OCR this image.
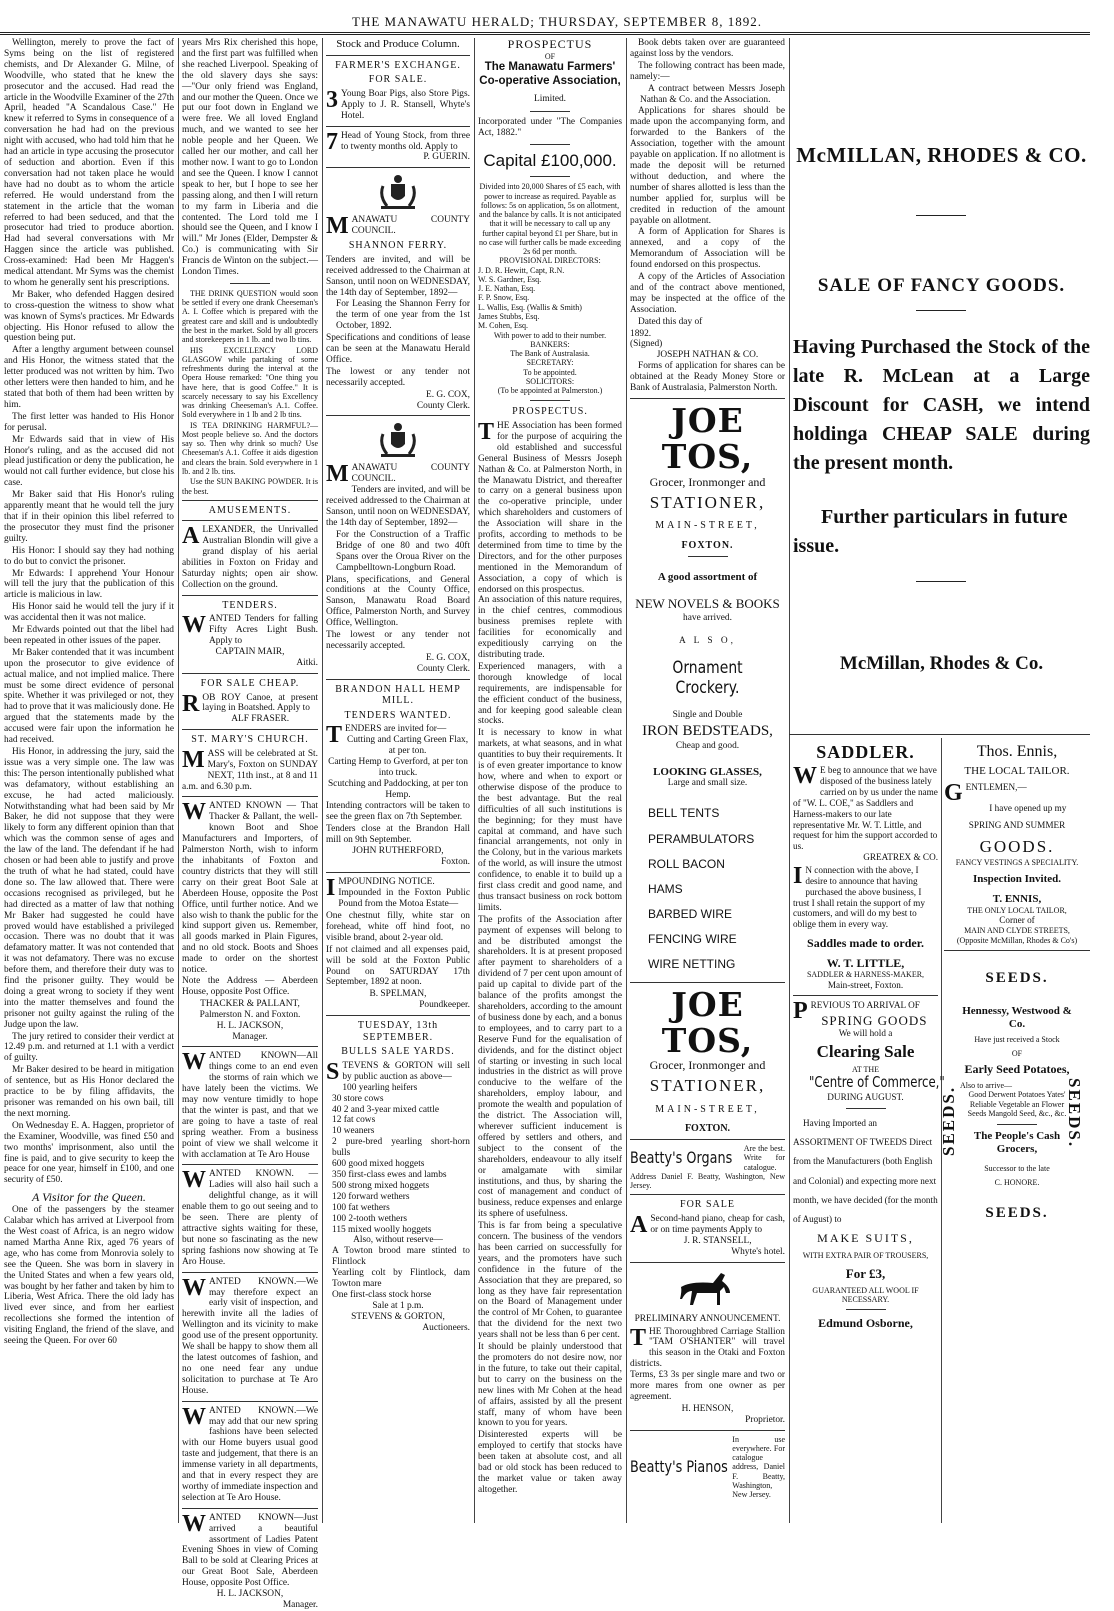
THE MANAWATU HERALD; THURSDAY, SEPTEMBER 8, 1892.

Wellington, merely to prove the fact of Syms being on the list of registered chemists, and Dr Alexander G. Milne, of Woodville, who stated that he knew the prosecutor and the accused. Had read the article in the Woodville Examiner of the 27th April, headed "A Scandalous Case." He knew it referred to Syms in consequence of a conversation he had had on the previous night with accused, who had told him that he had an article in type accusing the prosecutor of seduction and abortion. Even if this conversation had not taken place he would have had no doubt as to whom the article referred. He would understand from the statement in the article that the woman referred to had been seduced, and that the prosecutor had tried to produce abortion. Had had several conversations with Mr Haggen since the article was published. Cross-examined: Had been Mr Haggen's medical attendant. Mr Syms was the chemist to whom he generally sent his prescriptions.

Mr Baker, who defended Haggen desired to cross-question the witness to show what was known of Syms's practices. Mr Edwards objecting. His Honor refused to allow the question being put.

After a lengthy argument between counsel and His Honor, the witness stated that the letter produced was not written by him. Two other letters were then handed to him, and he stated that both of them had been written by him.

The first letter was handed to His Honor for perusal.

Mr Edwards said that in view of His Honor's ruling, and as the accused did not plead justification or deny the publication, he would not call further evidence, but close his case.

Mr Baker said that His Honor's ruling apparently meant that he would tell the jury that if in their opinion this libel referred to the prosecutor they must find the prisoner guilty.

His Honor: I should say they had nothing to do but to convict the prisoner.

Mr Edwards: I apprehend Your Honour will tell the jury that the publication of this article is malicious in law.

His Honor said he would tell the jury if it was accidental then it was not malice.

Mr Edwards pointed out that the libel had been repeated in other issues of the paper.

Mr Baker contended that it was incumbent upon the prosecutor to give evidence of actual malice, and not implied malice. There must be some direct evidence of personal spite. Whether it was privileged or not, they had to prove that it was maliciously done. He argued that the statements made by the accused were fair upon the information he had received.

His Honor, in addressing the jury, said the issue was a very simple one. The law was this: The person intentionally published what was defamatory, without establishing an excuse, he had acted maliciously. Notwithstanding what had been said by Mr Baker, he did not suppose that they were likely to form any different opinion than that which was the common sense of ages and the law of the land. The defendant if he had chosen or had been able to justify and prove the truth of what he had stated, could have done so. The law allowed that. There were occasions recognised as privileged, but he had directed as a matter of law that nothing Mr Baker had suggested he could have proved would have established a privileged occasion. There was no doubt that it was defamatory matter. It was not contended that it was not defamatory. There was no excuse before them, and therefore their duty was to find the prisoner guilty. They would be doing a great wrong to society if they went into the matter themselves and found the prisoner not guilty against the ruling of the Judge upon the law.

The jury retired to consider their verdict at 12.49 p.m. and returned at 1.1 with a verdict of guilty.

Mr Baker desired to be heard in mitigation of sentence, but as His Honor declared the practice to be by filing affidavits, the prisoner was remanded on his own bail, till the next morning.

On Wednesday E. A. Haggen, proprietor of the Examiner, Woodville, was fined £50 and two months' imprisonment, also until the fine is paid, and to give security to keep the peace for one year, himself in £100, and one security of £50.

A Visitor for the Queen.

One of the passengers by the steamer Calabar which has arrived at Liverpool from the West coast of Africa, is an negro widow named Martha Anne Rix, aged 76 years of age, who has come from Monrovia solely to see the Queen. She was born in slavery in the United States and when a few years old, was bought by her father and taken by him to Liberia, West Africa. There the old lady has lived ever since, and from her earliest recollections she formed the intention of visiting England, the friend of the slave, and seeing the Queen. For over 60

years Mrs Rix cherished this hope, and the first part was fulfilled when she reached Liverpool. Speaking of the old slavery days she says:—"Our only friend was England, and our mother the Queen. Once we put our foot down in England we were free. We all loved England much, and we wanted to see her noble people and her Queen. We called her our mother, and call her mother now. I want to go to London and see the Queen. I know I cannot speak to her, but I hope to see her passing along, and then I will return to my farm in Liberia and die contented. The Lord told me I should see the Queen, and I know I will." Mr Jones (Elder, Dempster & Co.) is communicating with Sir Francis de Winton on the subject.—London Times.

THE DRINK QUESTION would soon be settled if every one drank Cheeseman's A. I. Coffee which is prepared with the greatest care and skill and is undoubtedly the best in the market. Sold by all grocers and storekeepers in 1 lb. and two lb tins.

HIS EXCELLENCY LORD GLASGOW while partaking of some refreshments during the interval at the Opera House remarked: "One thing you have here, that is good Coffee." It is scarcely necessary to say his Excellency was drinking Cheeseman's A.1. Coffee. Sold everywhere in 1 lb and 2 lb tins.

IS TEA DRINKING HARMFUL?—Most people believe so. And the doctors say so. Then why drink so much? Use Cheeseman's A.1. Coffee it aids digestion and clears the brain. Sold everywhere in 1 lb. and 2 lb. tins.

Use the SUN BAKING POWDER. It is the best.

AMUSEMENTS.
ALEXANDER, the Unrivalled Australian Blondin will give a grand display of his aerial abilities in Foxton on Friday and Saturday nights; open air show. Collection on the ground.
TENDERS.
WANTED Tenders for falling Fifty Acres Light Bush. Apply to
CAPTAIN MAIR,
Aitki.
FOR SALE CHEAP.
ROB ROY Canoe, at present laying in Boatshed. Apply to
ALF FRASER.
ST. MARY'S CHURCH.
MASS will be celebrated at St. Mary's, Foxton on SUNDAY NEXT, 11th inst., at 8 and 11 a.m. and 6.30 p.m.
WANTED KNOWN — That Thacker & Pallant, the well-known Boot and Shoe Manufacturers and Importers, of Palmerston North, wish to inform the inhabitants of Foxton and country districts that they will still carry on their great Boot Sale at Aberdeen House, opposite the Post Office, until further notice. And we also wish to thank the public for the kind support given us. Remember, all goods marked in Plain Figures, and no old stock. Boots and Shoes made to order on the shortest notice.

Note the Address — Aberdeen House, opposite Post Office.

THACKER & PALLANT,
Palmerston N. and Foxton.
H. L. JACKSON,
Manager.
WANTED KNOWN—All things come to an end even the storms of rain which we have lately been the victims. We may now venture timidly to hope that the winter is past, and that we are going to have a taste of real spring weather. From a business point of view we shall welcome it with acclamation at Te Aro House
WANTED KNOWN. — Ladies will also hail such a delightful change, as it will enable them to go out seeing and to be seen. There are plenty of attractive sights waiting for these, but none so fascinating as the new spring fashions now showing at Te Aro House.
WANTED KNOWN.—We may therefore expect an early visit of inspection, and herewith invite all the ladies of Wellington and its vicinity to make good use of the present opportunity. We shall be happy to show them all the latest outcomes of fashion, and no one need fear any undue solicitation to purchase at Te Aro House.
WANTED KNOWN.—We may add that our new spring fashions have been selected with our Home buyers usual good taste and judgement, that there is an immense variety in all departments, and that in every respect they are worthy of immediate inspection and selection at Te Aro House.
WANTED KNOWN—Just arrived a beautiful assortment of Ladies Patent Evening Shoes in view of Coming Ball to be sold at Clearing Prices at our Great Boot Sale, Aberdeen House, opposite Post Office.
H. L. JACKSON,
Manager.
Stock and Produce Column.
FARMER'S EXCHANGE.
FOR SALE.
3 Young Boar Pigs, also Store Pigs. Apply to J. R. Stansell, Whyte's Hotel.
7 Head of Young Stock, from three to twenty months old. Apply to
P. GUERIN.
MANAWATU COUNTY COUNCIL.
SHANNON FERRY.

Tenders are invited, and will be received addressed to the Chairman at Sanson, until noon on WEDNESDAY, the 14th day of September, 1892—

For Leasing the Shannon Ferry for the term of one year from the 1st October, 1892.

Specifications and conditions of lease can be seen at the Manawatu Herald Office.

The lowest or any tender not necessarily accepted.

E. G. COX,
County Clerk.
MANAWATU COUNTY COUNCIL.

Tenders are invited, and will be received addressed to the Chairman at Sanson, until noon on WEDNESDAY, the 14th day of September, 1892—

For the Construction of a Traffic Bridge of one 80 and two 40ft Spans over the Oroua River on the Campbelltown-Longburn Road.

Plans, specifications, and General conditions at the County Office, Sanson, Manawatu Road Board Office, Palmerston North, and Survey Office, Wellington.

The lowest or any tender not necessarily accepted.

E. G. COX,
County Clerk.
BRANDON HALL HEMP MILL.
TENDERS WANTED.
TENDERS are invited for—
Cutting and Carting Green Flax, at per ton.
Carting Hemp to Gverford, at per ton into truck.
Scutching and Paddocking, at per ton Hemp.

Intending contractors will be taken to see the green flax on 7th September.

Tenders close at the Brandon Hall mill on 9th September.

JOHN RUTHERFORD,
Foxton.
IMPOUNDING NOTICE.

Impounded in the Foxton Public Pound from the Motoa Estate—

One chestnut filly, white star on forehead, white off hind foot, no visible brand, about 2-year old.

If not claimed and all expenses paid, will be sold at the Foxton Public Pound on SATURDAY 17th September, 1892 at noon.

B. SPELMAN,
Poundkeeper.
TUESDAY, 13th SEPTEMBER.
BULLS SALE YARDS.
STEVENS & GORTON will sell by public auction as above—
100 yearling heifers
30 store cows
40 2 and 3-year mixed cattle
12 fat cows
10 weaners
2 pure-bred yearling short-horn bulls
600 good mixed hoggets
350 first-class ewes and lambs
500 strong mixed hoggets
120 forward wethers
100 fat wethers
100 2-tooth wethers
115 mixed woolly hoggets
Also, without reserve—
A Towton brood mare stinted to Flintlock
Yearling colt by Flintlock, dam Towton mare
One first-class stock horse
Sale at 1 p.m.
STEVENS & GORTON,
Auctioneers.
PROSPECTUS
OF
The Manawatu Farmers' Co-operative Association,
Limited.

Incorporated under "The Companies Act, 1882."

Capital £100,000.
Divided into 20,000 Shares of £5 each, with power to increase as required. Payable as follows: 5s on application, 5s on allotment, and the balance by calls. It is not anticipated that it will be necessary to call up any further capital beyond £1 per Share, but in no case will further calls be made exceeding 2s 6d per month.
PROVISIONAL DIRECTORS:
J. D. R. Hewitt, Capt, R.N.
W. S. Gardner, Esq.
J. E. Nathan, Esq.
F. P. Snow, Esq.
L. Wallis, Esq. (Wallis & Smith)
James Stubbs, Esq.
M. Cohen, Esq.
With power to add to their number.
BANKERS:
The Bank of Australasia.
SECRETARY:
To be appointed.
SOLICITORS:
(To be appointed at Palmerston.)
PROSPECTUS.
THE Association has been formed for the purpose of acquiring the old established and successful General Business of Messrs Joseph Nathan & Co. at Palmerston North, in the Manawatu District, and thereafter to carry on a general business upon the co-operative principle, under which shareholders and customers of the Association will share in the profits, according to methods to be determined from time to time by the Directors, and for the other purposes mentioned in the Memorandum of Association, a copy of which is endorsed on this prospectus.

An association of this nature requires, in the chief centres, commodious business premises replete with facilities for economically and expeditiously carrying on the distributing trade.

Experienced managers, with a thorough knowledge of local requirements, are indispensable for the efficient conduct of the business, and for keeping good saleable clean stocks.

It is necessary to know in what markets, at what seasons, and in what quantities to buy their requirements. It is of even greater importance to know how, where and when to export or otherwise dispose of the produce to the best advantage. But the real difficulties of all such institutions is the beginning; for they must have capital at command, and have such financial arrangements, not only in the Colony, but in the various markets of the world, as will insure the utmost confidence, to enable it to build up a first class credit and good name, and thus transact business on rock bottom limits.

The profits of the Association after payment of expenses will belong to and be distributed amongst the shareholders. It is at present proposed after payment to shareholders of a dividend of 7 per cent upon amount of paid up capital to divide part of the balance of the profits amongst the shareholders, according to the amount of business done by each, and a bonus to employees, and to carry part to a Reserve Fund for the equalisation of dividends, and for the distinct object of starting or investing in such local industries in the district as will prove conducive to the welfare of the shareholders, employ labour, and promote the wealth and population of the district. The Association will, wherever sufficient inducement is offered by settlers and others, and subject to the consent of the shareholders, endeavour to ally itself or amalgamate with similar institutions, and thus, by sharing the cost of management and conduct of business, reduce expenses and enlarge its sphere of usefulness.

This is far from being a speculative concern. The business of the vendors has been carried on successfully for years, and the promoters have such confidence in the future of the Association that they are prepared, so long as they have fair representation on the Board of Management under the control of Mr Cohen, to guarantee that the dividend for the next two years shall not be less than 6 per cent.

It should be plainly understood that the promoters do not desire now, nor in the future, to take out their capital, but to carry on the business on the new lines with Mr Cohen at the head of affairs, assisted by all the present staff, many of whom have been known to you for years.

Disinterested experts will be employed to certify that stocks have been taken at absolute cost, and all bad or old stock has been reduced to the market value or taken away altogether.

Book debts taken over are guaranteed against loss by the vendors.

The following contract has been made, namely:—

A contract between Messrs Joseph Nathan & Co. and the Association.

Applications for shares should be made upon the accompanying form, and forwarded to the Bankers of the Association, together with the amount payable on application. If no allotment is made the deposit will be returned without deduction, and where the number of shares allotted is less than the number applied for, surplus will be credited in reduction of the amount payable on allotment.

A form of Application for Shares is annexed, and a copy of the Memorandum of Association will be found endorsed on this prospectus.

A copy of the Articles of Association and of the contract above mentioned, may be inspected at the office of the Association.

Dated this day of

1892.
(Signed)
JOSEPH NATHAN & CO.

Forms of application for shares can be obtained at the Ready Money Store or Bank of Australasia, Palmerston North.

JOE TOS,
Grocer, Ironmonger and
STATIONER,
MAIN-STREET,
FOXTON.
A good assortment of
NEW NOVELS & BOOKS
have arrived.
A L S O,
Ornament Crockery.
Single and Double
IRON BEDSTEADS,
Cheap and good.
LOOKING GLASSES,
Large and small size.
BELL TENTS
PERAMBULATORS
ROLL BACON
HAMS
BARBED WIRE
FENCING WIRE
WIRE NETTING
JOE TOS,
Grocer, Ironmonger and
STATIONER,
MAIN-STREET,
FOXTON.
Beatty's Organs Are the best. Write for catalogue.
Address Daniel F. Beatty, Washington, New Jersey.
FOR SALE
A Second-hand piano, cheap for cash, or on time payments Apply to
J. R. STANSELL,
Whyte's hotel.
PRELIMINARY ANNOUNCEMENT.
THE Thoroughbred Carriage Stallion "TAM O'SHANTER" will travel this season in the Otaki and Foxton districts.

Terms, £3 3s per single mare and two or more mares from one owner as per agreement.

H. HENSON,
Proprietor.
Beatty's Pianos
In use everywhere. For catalogue address, Daniel F. Beatty, Washington, New Jersey.
McMILLAN, RHODES & CO.
SALE OF FANCY GOODS.
Having Purchased the Stock of the late R. McLean at a Large Discount for CASH, we intend holdinga CHEAP SALE during the present month.
Further particulars in future issue.
McMillan, Rhodes & Co.
SADDLER.
W E beg to announce that we have disposed of the business lately carried on by us under the name of "W. L. COE," as Saddlers and Harness-makers to our late representative Mr. W. T. Little, and request for him the support accorded to us.
GREATREX & CO.
I N connection with the above, I desire to announce that having purchased the above business, I trust I shall retain the support of my customers, and will do my best to oblige them in every way.
Saddles made to order.
W. T. LITTLE,
SADDLER & HARNESS-MAKER,
Main-street, Foxton.
PREVIOUS TO ARRIVAL OF
SPRING GOODS
We will hold a
Clearing Sale
AT THE
"Centre of Commerce,"
DURING AUGUST.

Having Imported an ASSORTMENT OF TWEEDS Direct from the Manufacturers (both English and Colonial) and expecting more next month, we have decided (for the month of August) to

MAKE SUITS,
WITH EXTRA PAIR OF TROUSERS,
For £3,
GUARANTEED ALL WOOL IF NECESSARY.
Edmund Osborne,
Thos. Ennis,
THE LOCAL TAILOR.
GENTLEMEN,—
I have opened up my
SPRING AND SUMMER
GOODS.
FANCY VESTINGS A SPECIALITY.
Inspection Invited.
T. ENNIS,
THE ONLY LOCAL TAILOR,
Corner of
MAIN AND CLYDE STREETS,
(Opposite McMillan, Rhodes & Co's)
SEEDS.
SEEDS.	SEEDS.
Hennessy, Westwood & Co.
Have just received a Stock
OF
Early Seed Potatoes,
Also to arrive—
Good Derwent Potatoes Yates' Reliable Vegetable an Flower Seeds Mangold Seed, &c., &c.
The People's Cash Grocers,
Successor to the late
C. HONORE.
SEEDS.
